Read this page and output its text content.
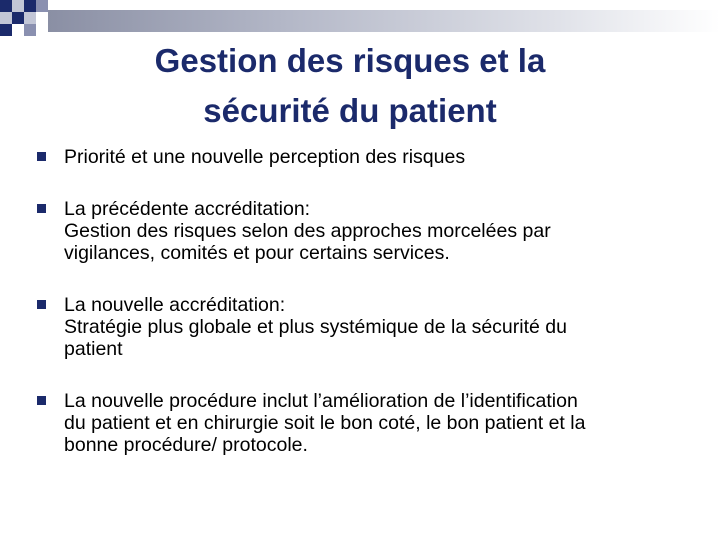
Gestion des risques et la
sécurité du patient
Priorité et une nouvelle perception des risques
La précédente accréditation:
Gestion des risques selon des approches morcelées par
vigilances, comités et pour certains services.
La nouvelle accréditation:
Stratégie plus globale et plus systémique de la sécurité du
patient
La nouvelle procédure inclut l’amélioration de l’identification
du patient et en chirurgie soit le bon coté, le bon patient et la
bonne procédure/ protocole.
